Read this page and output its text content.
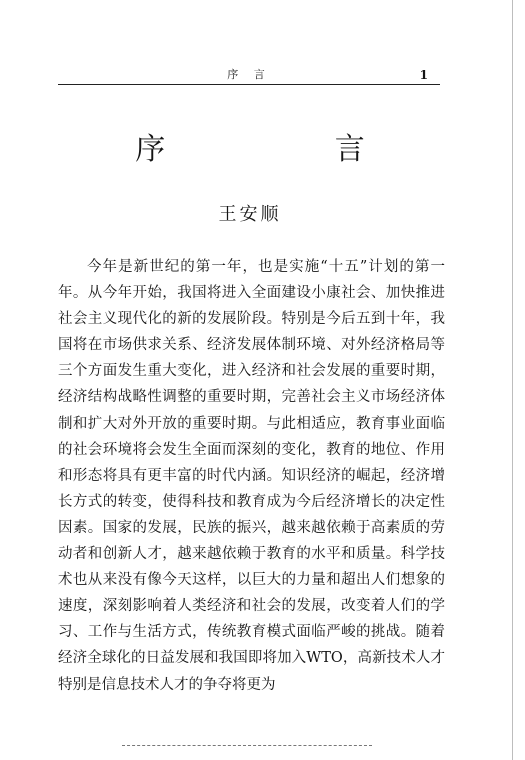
序 言	1
序 言
王安顺

今年是新世纪的第一年，也是实施“十五”计划的第一年。从今年开始，我国将进入全面建设小康社会、加快推进社会主义现代化的新的发展阶段。特别是今后五到十年，我国将在市场供求关系、经济发展体制环境、对外经济格局等三个方面发生重大变化，进入经济和社会发展的重要时期，经济结构战略性调整的重要时期，完善社会主义市场经济体制和扩大对外开放的重要时期。与此相适应，教育事业面临的社会环境将会发生全面而深刻的变化，教育的地位、作用和形态将具有更丰富的时代内涵。知识经济的崛起，经济增长方式的转变，使得科技和教育成为今后经济增长的决定性因素。国家的发展，民族的振兴，越来越依赖于高素质的劳动者和创新人才，越来越依赖于教育的水平和质量。科学技术也从来没有像今天这样，以巨大的力量和超出人们想象的速度，深刻影响着人类经济和社会的发展，改变着人们的学习、工作与生活方式，传统教育模式面临严峻的挑战。随着经济全球化的日益发展和我国即将加入WTO，高新技术人才特别是信息技术人才的争夺将更为
